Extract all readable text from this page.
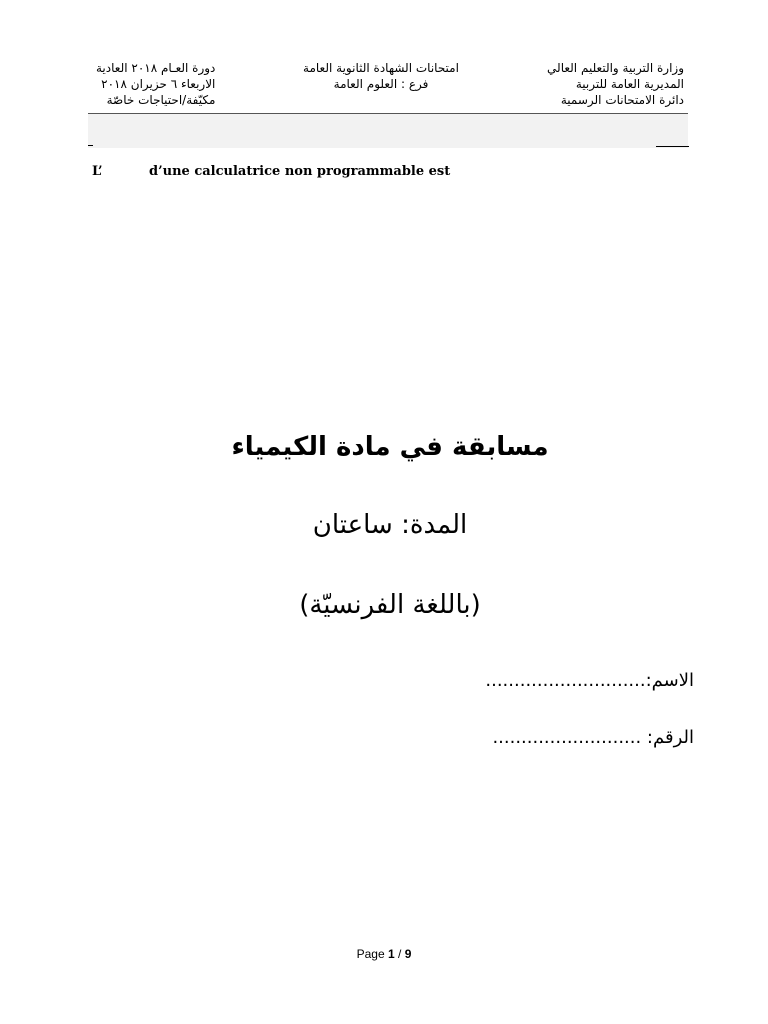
وزارة التربية والتعليم العالي
المديرية العامة للتربية
دائرة الامتحانات الرسمية
امتحانات الشهادة الثانوية العامة
فرع : العلوم العامة
دورة العـام ٢٠١٨ العادية
الاربعاء ٦ حزيران ٢٠١٨
مكيّفة/احتياجات خاصّة
L’	d’une calculatrice non programmable est
مسابقة في مادة الكيمياء
المدة: ساعتان
(باللغة الفرنسيّة)
الاسم:............................
الرقم: ..........................
Page 1 / 9
